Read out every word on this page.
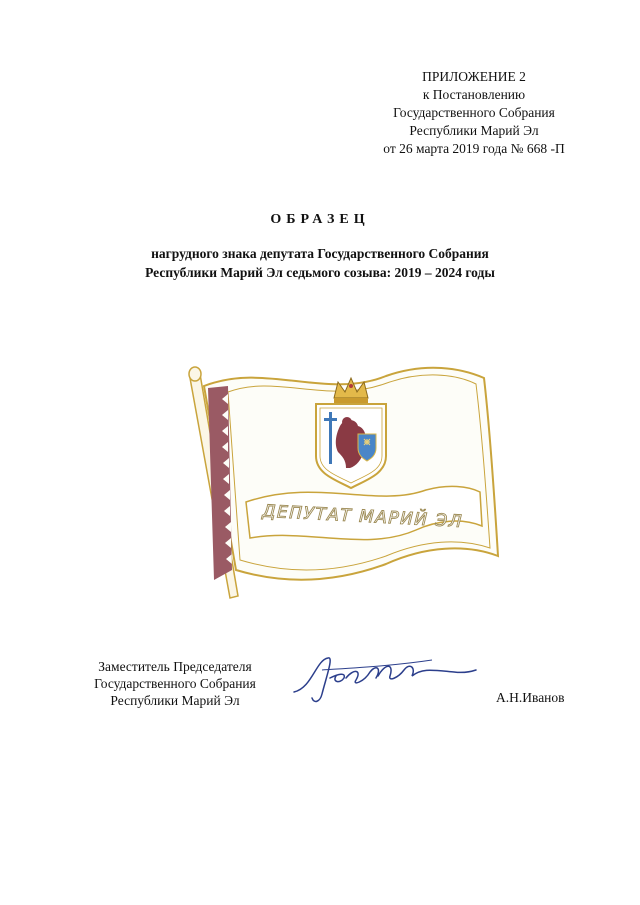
ПРИЛОЖЕНИЕ 2
к Постановлению
Государственного Собрания
Республики Марий Эл
от 26 марта 2019 года № 668 -П
ОБРАЗЕЦ
нагрудного знака депутата Государственного Собрания
Республики Марий Эл седьмого созыва: 2019 – 2024 годы
ДЕПУТАТ МАРИЙ ЭЛ
Заместитель Председателя
Государственного Собрания
Республики Марий Эл	А.Н.Иванов
